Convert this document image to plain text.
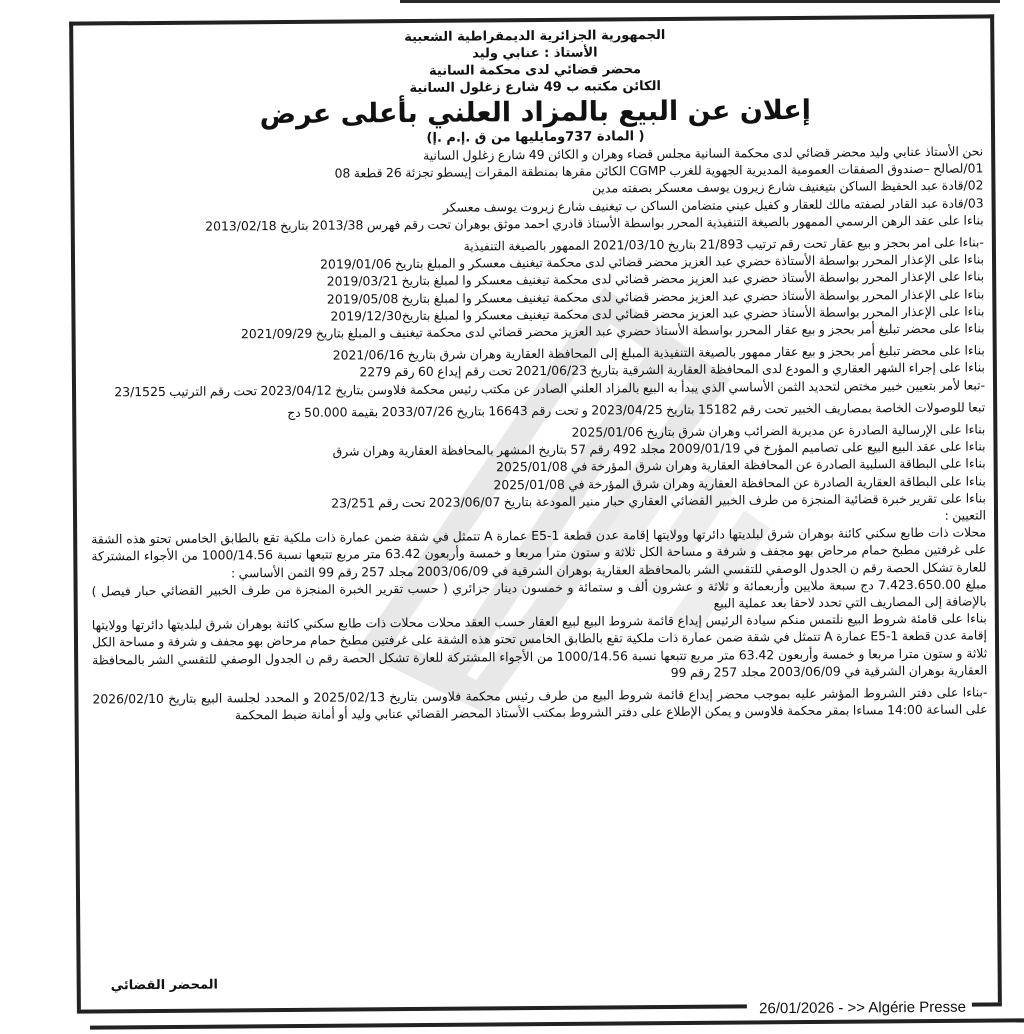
الجمهورية الجزائرية الديمقراطية الشعبية

الأستاذ : عنابي وليد

محضر قضائي لدى محكمة السانية

الكائن مكتبه ب 49 شارع زغلول السانية

إعلان عن البيع بالمزاد العلني بأعلى عرض

( المادة 737ومايليها من ق .إ.م .إ)

نحن الأستاذ عنابي وليد محضر قضائي لدى محكمة السانية مجلس قضاء وهران و الكائن 49 شارع زغلول السانية

01/لصالح –صندوق الصفقات العمومية المديرية الجهوية للغرب CGMP الكائن مقرها بمنطقة المقرات إيسطو تجزئة 26 قطعة 08

02/قادة عبد الحفيظ الساكن بتيغنيف شارع زيرون يوسف معسكر بصفته مدين

03/قادة عبد القادر لصفته مالك للعقار و كفيل عيني متضامن الساكن ب تيغنيف شارع زيروت يوسف معسكر

بناءا على عقد الرهن الرسمي الممهور بالصيغة التنفيذية المحرر بواسطة الأستاذ قادري احمد موثق بوهران تحت رقم فهرس 2013/38 بتاريخ 2013/02/18

-بناءا على امر بحجز و بيع عقار تحت رقم ترتيب 21/893 بتاريخ 2021/03/10 الممهور بالصيغة التنفيذية

بناءا على الإعذار المحرر بواسطة الأستاذة حضري عبد العزيز محضر قضائي لدى محكمة تيغنيف معسكر و المبلغ بتاريخ 2019/01/06

بناءا على الإعذار المحرر بواسطة الأستاذ حضري عبد العزيز محضر قضائي لدى محكمة تيغنيف معسكر وا لمبلغ بتاريخ 2019/03/21

بناءا على الإعذار المحرر بواسطة الأستاذ حضري عبد العزيز محضر قضائي لدى محكمة تيغنيف معسكر وا لمبلغ بتاريخ 2019/05/08

بناءا على الإعذار المحرر بواسطة الأستاذ حضري عبد العزيز محضر قضائي لدى محكمة تيغنيف معسكر وا لمبلغ بتاريخ2019/12/30

بناءا على محضر تبليغ أمر بحجز و بيع عقار المحرر بواسطة الأستاذ حضري عبد العزيز محضر قضائي لدى محكمة تيغنيف و المبلغ بتاريخ 2021/09/29

بناءا على محضر تبليغ أمر بحجز و بيع عقار ممهور بالصيغة التنفيذية المبلغ إلى المحافظة العقارية وهران شرق بتاريخ 2021/06/16

بناءا على إجراء الشهر العقاري و المودع لدى المحافظة العقارية الشرقية بتاريخ 2021/06/23 تحت رقم إيداع 60 رقم 2279

-تبعا لأمر بتعيين خبير مختص لتحديد الثمن الأساسي الذي يبدأ به البيع بالمزاد العلني الصادر عن مكتب رئيس محكمة فلاوسن بتاريخ 2023/04/12 تحت رقم الترتيب 23/1525

تبعا للوصولات الخاصة بمصاريف الخبير تحت رقم 15182 بتاريخ 2023/04/25 و تحت رقم 16643 بتاريخ 2033/07/26 بقيمة 50.000 دج

بناءا على الإرسالية الصادرة عن مديرية الضرائب وهران شرق بتاريخ 2025/01/06

بناءا على عقد البيع البيع على تصاميم المؤرخ في 2009/01/19 مجلد 492 رقم 57 بتاريخ المشهر بالمحافظة العقارية وهران شرق

بناءا على البطاقة السلبية الصادرة عن المحافظة العقارية وهران شرق المؤرخة في 2025/01/08

بناءا على البطاقة العقارية الصادرة عن المحافظة العقارية وهران شرق المؤرخة في 2025/01/08

بناءا على تقرير خبرة قضائية المنجزة من طرف الخبير القضائي العقاري حبار منير المودعة بتاريخ 2023/06/07 تحت رقم 23/251

التعيين :

محلات ذات طابع سكني كائنة بوهران شرق لبلديتها دائرتها وولايتها إقامة عدن قطعة E5-1 عمارة A تتمثل في شقة ضمن عمارة ذات ملكية تقع بالطابق الخامس تحتو هذه الشقة على غرفتين مطبخ حمام مرحاض بهو مجفف و شرفة و مساحة الكل ثلاثة و ستون مترا مربعا و خمسة وأربعون 63.42 متر مربع تتبعها نسبة 1000/14.56 من الأجواء المشتركة للعارة تشكل الحصة رقم ن الجدول الوصفي للتقسي الشر بالمحافظة العقارية بوهران الشرقية في 2003/06/09 مجلد 257 رقم 99 الثمن الأساسي :

مبلغ 7.423.650.00 دج سبعة ملايين وأربعمائة و ثلاثة و عشرون ألف و ستمائة و خمسون دينار جزائري ( حسب تقرير الخبرة المنجزة من طرف الخبير القضائي حبار فيصل ) بالإضافة إلى المصاريف التي تحدد لاحقا بعد عملية البيع

بناءا على قامئة شروط البيع نلتمس منكم سيادة الرئيس إيداع قائمة شروط البيع لبيع العقار حسب العقد محلات محلات ذات طابع سكني كائنة بوهران شرق لبلديتها دائرتها وولايتها إقامة عدن قطعة E5-1 عمارة A تتمثل في شقة ضمن عمارة ذات ملكية تقع بالطابق الخامس تحتو هذه الشقة على غرفتين مطبخ حمام مرحاض بهو مجفف و شرفة و مساحة الكل ثلاثة و ستون مترا مربعا و خمسة وأربعون 63.42 متر مربع تتبعها نسبة 1000/14.56 من الأجواء المشتركة للعارة تشكل الحصة رقم ن الجدول الوصفي للتقسي الشر بالمحافظة العقارية بوهران الشرقية في 2003/06/09 مجلد 257 رقم 99

-بناءا على دفتر الشروط المؤشر عليه بموجب محضر إيداع قائمة شروط البيع من طرف رئيس محكمة فلاوسن بتاريخ 2025/02/13 و المحدد لجلسة البيع بتاريخ 2026/02/10 على الساعة 14:00 مساءا بمقر محكمة فلاوسن و يمكن الإطلاع على دفتر الشروط بمكتب الأستاذ المحضر القضائي عنابي وليد أو أمانة ضبط المحكمة

المحضر القضائي
26/01/2026 - >> Algérie Presse
